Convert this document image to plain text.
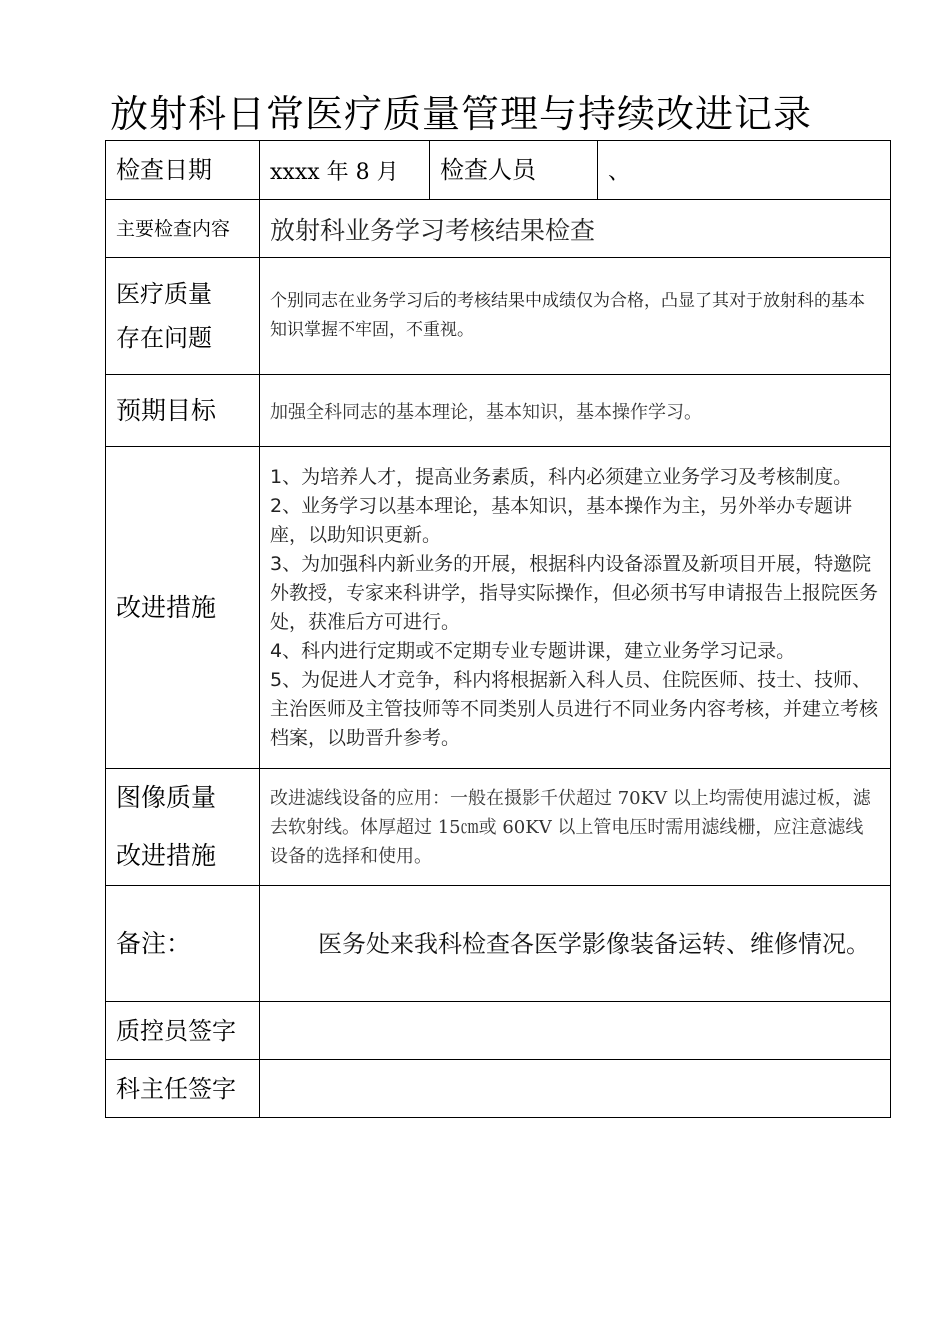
放射科日常医疗质量管理与持续改进记录
检查日期	xxxx 年 8 月	检查人员	、
主要检查内容	放射科业务学习考核结果检查		

医疗质量
存在问题	个别同志在业务学习后的考核结果中成绩仅为合格，凸显了其对于放射科的基本知识掌握不牢固，不重视。		
预期目标	加强全科同志的基本理论，基本知识，基本操作学习。		
改进措施	1、为培养人才，提高业务素质，科内必须建立业务学习及考核制度。
2、业务学习以基本理论，基本知识，基本操作为主，另外举办专题讲座，以助知识更新。
3、为加强科内新业务的开展，根据科内设备添置及新项目开展，特邀院外教授，专家来科讲学，指导实际操作，但必须书写申请报告上报院医务处，获准后方可进行。
4、科内进行定期或不定期专业专题讲课，建立业务学习记录。
5、为促进人才竞争，科内将根据新入科人员、住院医师、技士、技师、主治医师及主管技师等不同类别人员进行不同业务内容考核，并建立考核档案，以助晋升参考。		

图像质量
改进措施	改进滤线设备的应用：一般在摄影千伏超过 70KV 以上均需使用滤过板，滤去软射线。体厚超过 15㎝或 60KV 以上管电压时需用滤线栅，应注意滤线设备的选择和使用。		
备注：	医务处来我科检查各医学影像装备运转、维修情况。		
质控员签字			
科主任签字			
